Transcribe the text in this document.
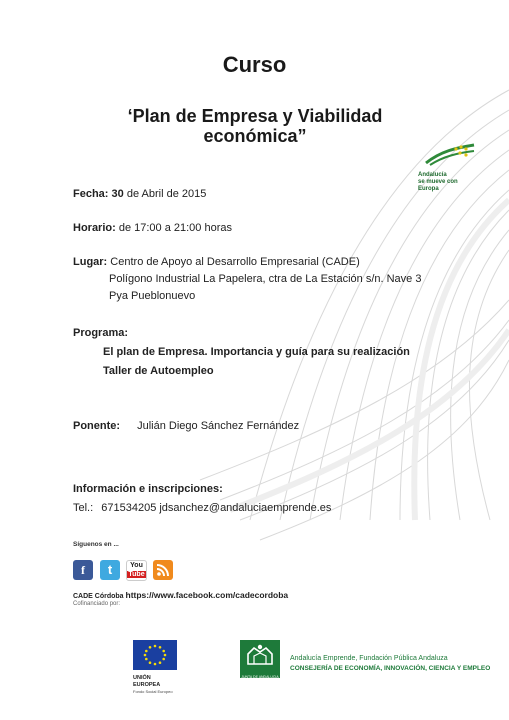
Curso
‘Plan de Empresa y Viabilidad
económica”
Andalucía
se mueve con Europa
Fecha: 30 de Abril de 2015
Horario: de 17:00 a 21:00 horas
Lugar: Centro de Apoyo al Desarrollo Empresarial (CADE)
Polígono Industrial La Papelera, ctra de La Estación s/n. Nave 3
Pya Pueblonuevo
Programa:
El plan de Empresa. Importancia y guía para su realización
Taller de Autoempleo
Ponente: Julián Diego Sánchez Fernández
Información e inscripciones:
Tel.: 671534205 jdsanchez@andaluciaemprende.es
Síguenos en ...
f	t	You
Tube
CADE Córdoba https://www.facebook.com/cadecordoba
Cofinanciado por:
UNIÓN EUROPEA
Fondo Social Europeo
JUNTA DE ANDALUCIA
Andalucía Emprende, Fundación Pública Andaluza
CONSEJERÍA DE ECONOMÍA, INNOVACIÓN, CIENCIA Y EMPLEO
